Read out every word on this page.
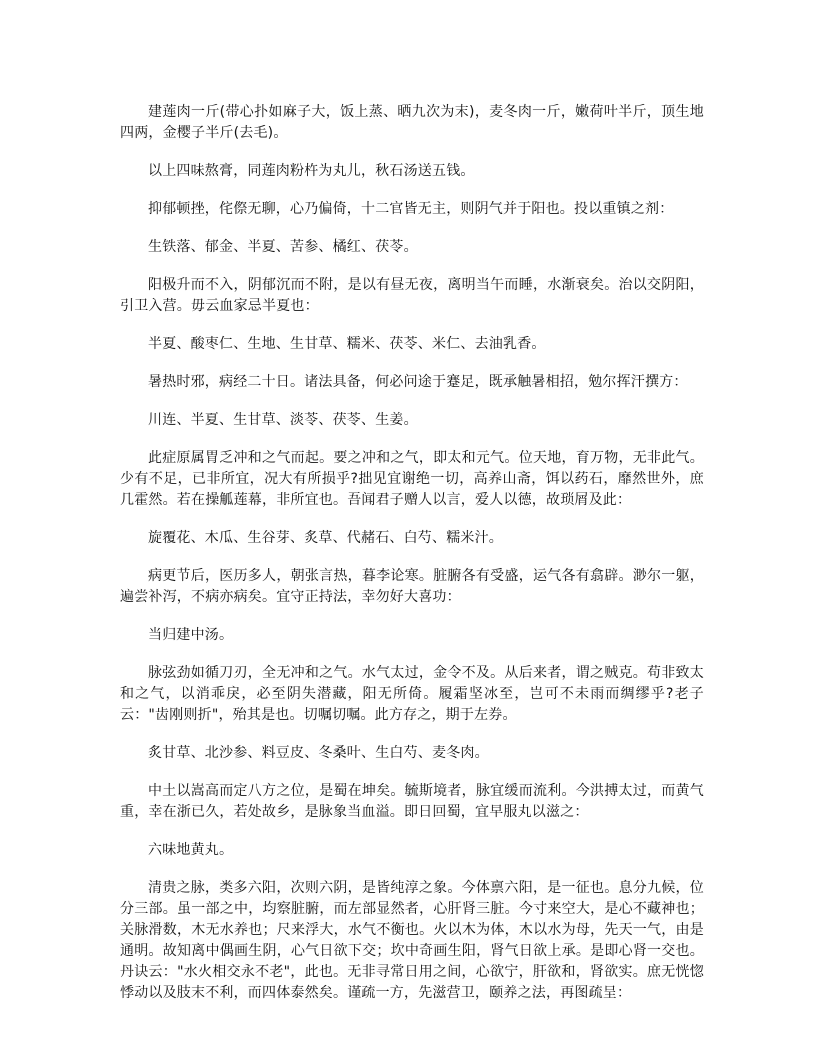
建莲肉一斤(带心扑如麻子大，饭上蒸、晒九次为末)，麦冬肉一斤，嫩荷叶半斤，顶生地四两，金樱子半斤(去毛)。

以上四味熬膏，同莲肉粉杵为丸儿，秋石汤送五钱。

抑郁顿挫，侘傺无聊，心乃偏倚，十二官皆无主，则阴气并于阳也。投以重镇之剂：

生铁落、郁金、半夏、苦参、橘红、茯苓。

阳极升而不入，阴郁沉而不附，是以有昼无夜，离明当午而睡，水渐衰矣。治以交阴阳，引卫入营。毋云血家忌半夏也：

半夏、酸枣仁、生地、生甘草、糯米、茯苓、米仁、去油乳香。

暑热时邪，病经二十日。诸法具备，何必问途于蹇足，既承触暑相招，勉尔挥汗撰方：

川连、半夏、生甘草、淡苓、茯苓、生姜。

此症原属胃乏冲和之气而起。要之冲和之气，即太和元气。位天地，育万物，无非此气。少有不足，已非所宜，况大有所损乎?拙见宜谢绝一切，高养山斋，饵以药石，靡然世外，庶几霍然。若在操觚莲幕，非所宜也。吾闻君子赠人以言，爱人以德，故琐屑及此：

旋覆花、木瓜、生谷芽、炙草、代赭石、白芍、糯米汁。

病更节后，医历多人，朝张言热，暮李论寒。脏腑各有受盛，运气各有翕辟。渺尔一躯，遍尝补泻，不病亦病矣。宜守正持法，幸勿好大喜功：

当归建中汤。

脉弦劲如循刀刃，全无冲和之气。水气太过，金令不及。从后来者，谓之贼克。苟非致太和之气，以消乖戾，必至阴失潜藏，阳无所倚。履霜坚冰至，岂可不未雨而绸缪乎?老子云："齿刚则折"，殆其是也。切嘱切嘱。此方存之，期于左券。

炙甘草、北沙参、料豆皮、冬桑叶、生白芍、麦冬肉。

中土以嵩高而定八方之位，是蜀在坤矣。毓斯境者，脉宜缓而流利。今洪搏太过，而黄气重，幸在浙已久，若处故乡，是脉象当血溢。即日回蜀，宜早服丸以滋之：

六味地黄丸。

清贵之脉，类多六阳，次则六阴，是皆纯淳之象。今体禀六阳，是一征也。息分九候，位分三部。虽一部之中，均察脏腑，而左部显然者，心肝肾三脏。今寸来空大，是心不藏神也；关脉滑数，木无水养也；尺来浮大，水气不衡也。火以木为体，木以水为母，先天一气，由是通明。故知离中偶画生阴，心气日欲下交；坎中奇画生阳，肾气日欲上承。是即心肾一交也。丹诀云："水火相交永不老"，此也。无非寻常日用之间，心欲宁，肝欲和，肾欲实。庶无恍惚悸动以及肢末不利，而四体泰然矣。谨疏一方，先滋营卫，颐养之法，再图疏呈：
